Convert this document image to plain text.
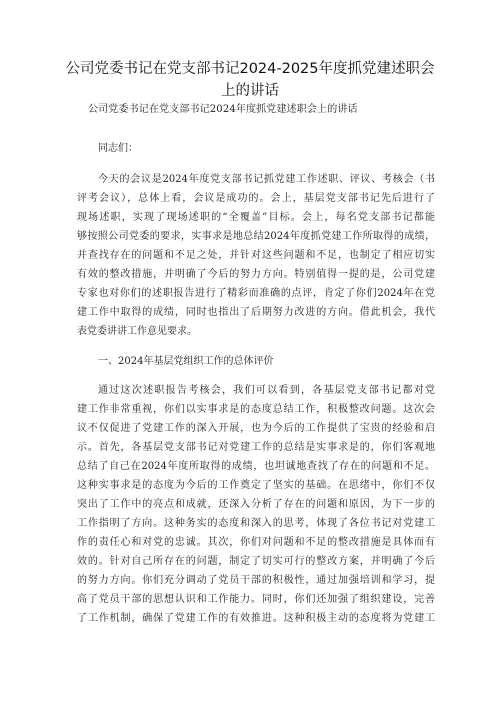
公司党委书记在党支部书记2024-2025年度抓党建述职会
上的讲话
公司党委书记在党支部书记2024年度抓党建述职会上的讲话
同志们：
今天的会议是2024年度党支部书记抓党建工作述职、评议、考核会（书
评考会议），总体上看，会议是成功的。会上，基层党支部书记先后进行了
现场述职，实现了现场述职的“全覆盖”目标。会上，每名党支部书记都能
够按照公司党委的要求，实事求是地总结2024年度抓党建工作所取得的成绩，
并查找存在的问题和不足之处，并针对这些问题和不足，也制定了相应切实
有效的整改措施，并明确了今后的努力方向。特别值得一提的是，公司党建
专家也对你们的述职报告进行了精彩而准确的点评，肯定了你们2024年在党
建工作中取得的成绩，同时也指出了后期努力改进的方向。借此机会，我代
表党委讲讲工作意见要求。
一、2024年基层党组织工作的总体评价
通过这次述职报告考核会，我们可以看到，各基层党支部书记都对党
建工作非常重视，你们以实事求是的态度总结工作，积极整改问题。这次会
议不仅促进了党建工作的深入开展，也为今后的工作提供了宝贵的经验和启
示。首先，各基层党支部书记对党建工作的总结是实事求是的，你们客观地
总结了自己在2024年度所取得的成绩，也坦诚地查找了存在的问题和不足。
这种实事求是的态度为今后的工作奠定了坚实的基础。在思绪中，你们不仅
突出了工作中的亮点和成就，还深入分析了存在的问题和原因，为下一步的
工作指明了方向。这种务实的态度和深入的思考，体现了各位书记对党建工
作的责任心和对党的忠诚。其次，你们对问题和不足的整改措施是具体而有
效的。针对自己所存在的问题，制定了切实可行的整改方案，并明确了今后
的努力方向。你们充分调动了党员干部的积极性，通过加强培训和学习，提
高了党员干部的思想认识和工作能力。同时，你们还加强了组织建设，完善
了工作机制，确保了党建工作的有效推进。这种积极主动的态度将为党建工
